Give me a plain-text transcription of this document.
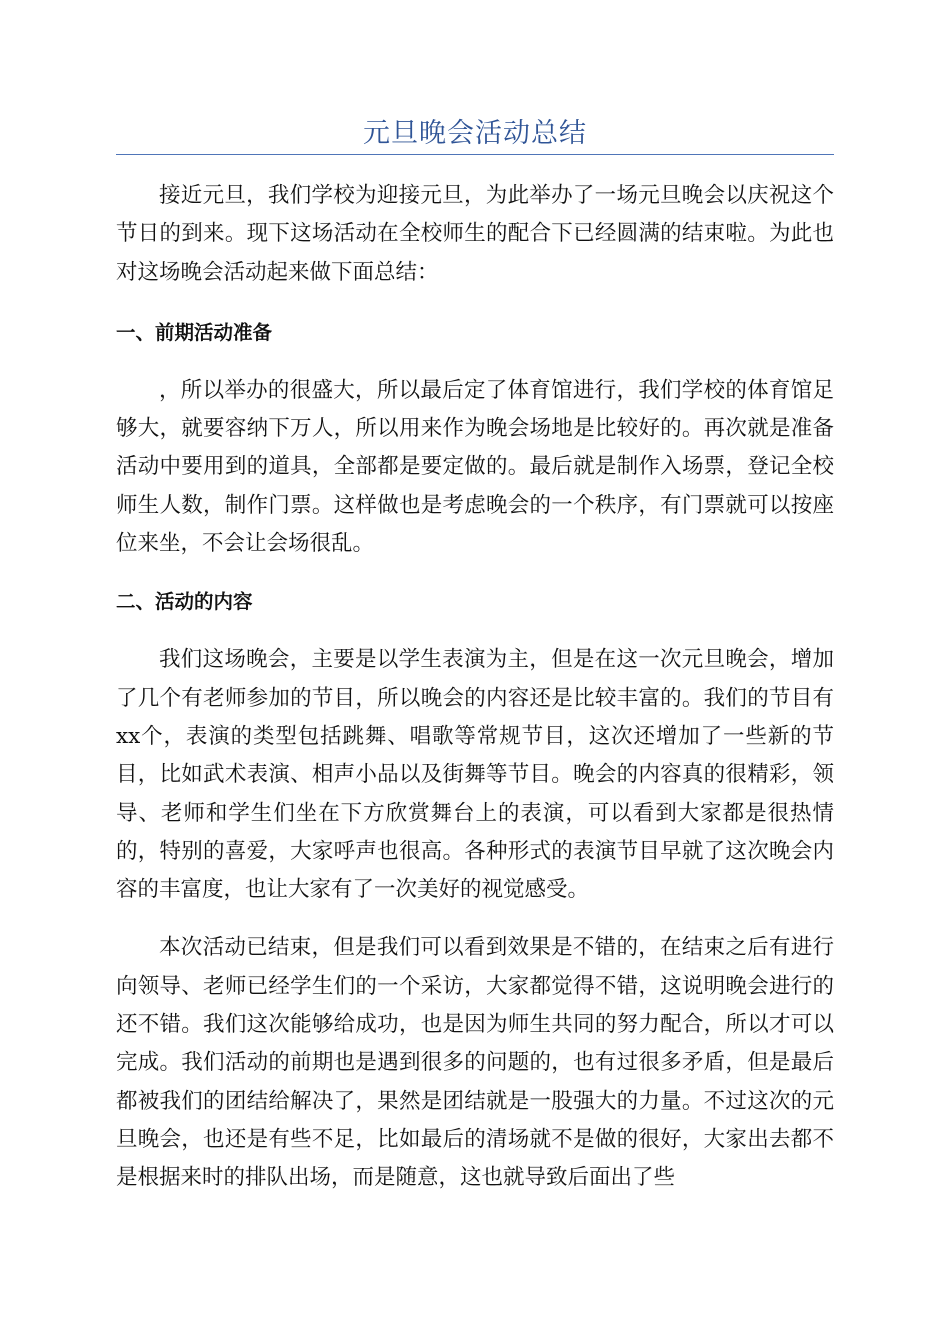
元旦晚会活动总结

接近元旦，我们学校为迎接元旦，为此举办了一场元旦晚会以庆祝这个节日的到来。现下这场活动在全校师生的配合下已经圆满的结束啦。为此也对这场晚会活动起来做下面总结：

一、前期活动准备

，所以举办的很盛大，所以最后定了体育馆进行，我们学校的体育馆足够大，就要容纳下万人，所以用来作为晚会场地是比较好的。再次就是准备活动中要用到的道具，全部都是要定做的。最后就是制作入场票，登记全校师生人数，制作门票。这样做也是考虑晚会的一个秩序，有门票就可以按座位来坐，不会让会场很乱。

二、活动的内容

我们这场晚会，主要是以学生表演为主，但是在这一次元旦晚会，增加了几个有老师参加的节目，所以晚会的内容还是比较丰富的。我们的节目有xx个，表演的类型包括跳舞、唱歌等常规节目，这次还增加了一些新的节目，比如武术表演、相声小品以及街舞等节目。晚会的内容真的很精彩，领导、老师和学生们坐在下方欣赏舞台上的表演，可以看到大家都是很热情的，特别的喜爱，大家呼声也很高。各种形式的表演节目早就了这次晚会内容的丰富度，也让大家有了一次美好的视觉感受。

本次活动已结束，但是我们可以看到效果是不错的，在结束之后有进行向领导、老师已经学生们的一个采访，大家都觉得不错，这说明晚会进行的还不错。我们这次能够给成功，也是因为师生共同的努力配合，所以才可以完成。我们活动的前期也是遇到很多的问题的，也有过很多矛盾，但是最后都被我们的团结给解决了，果然是团结就是一股强大的力量。不过这次的元旦晚会，也还是有些不足，比如最后的清场就不是做的很好，大家出去都不是根据来时的排队出场，而是随意，这也就导致后面出了些
